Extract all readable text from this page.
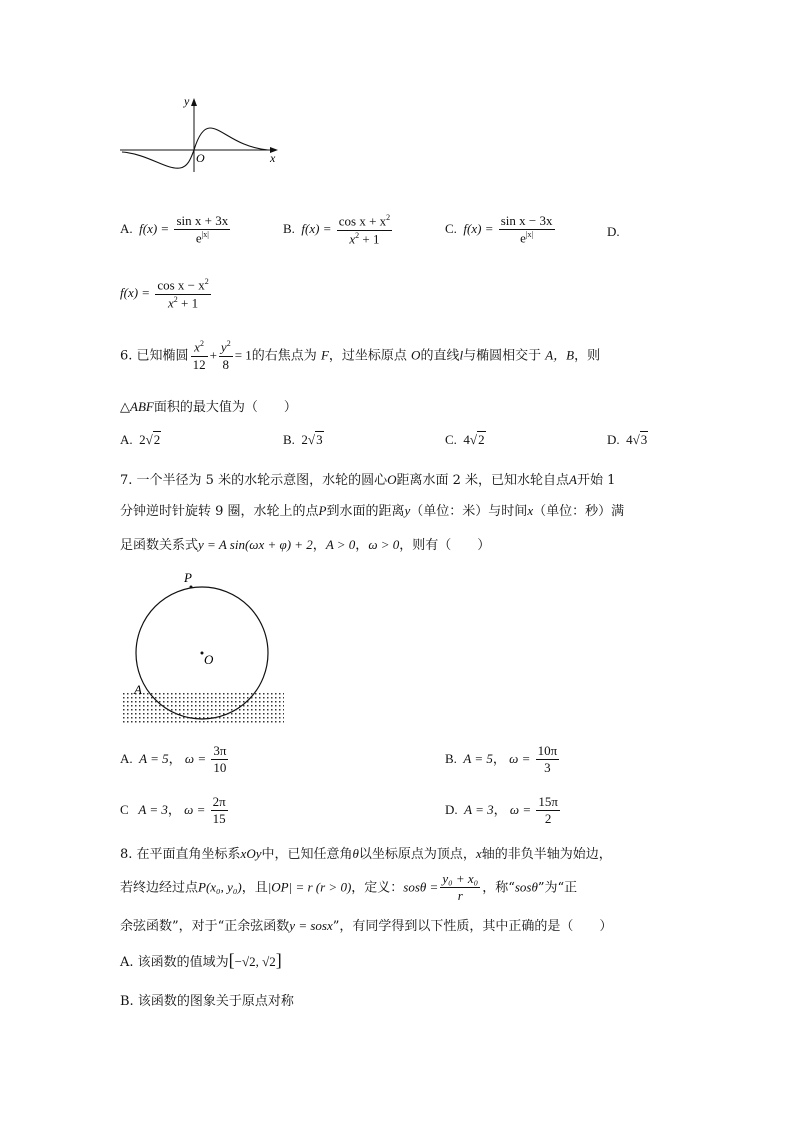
y
x
O
A. $f(x) = \frac{\text{sin x + 3x}}{e^{|x|}}$	B. $f(x) = \frac{\cos x + x^2}{x^2 + 1}$	C. $f(x) = \frac{\text{sin x − 3x}}{e^{|x|}}$	D.
$f(x) = \frac{\cos x - x^2}{x^2 + 1}$
6. 已知椭圆 $\frac{x^2}{12} + \frac{y^2}{8} = 1$的右焦点为 F，过坐标原点 O的直线l与椭圆相交于 A，B，则
△ABF面积的最大值为（　　）
A. 2√2	B. 2√3	C. 4√2	D. 4√3
7. 一个半径为 5 米的水轮示意图，水轮的圆心O距离水面 2 米，已知水轮自点A开始 1
分钟逆时针旋转 9 圈，水轮上的点P到水面的距离y（单位：米）与时间x（单位：秒）满
足函数关系式y = A sin(ωx + φ) + 2，A > 0，ω > 0，则有（　　）
P
O
A
A. A = 5， $\omega = \frac{3\pi}{10}$	B. A = 5， $\omega = \frac{10\pi}{3}$
C A = 3， $\omega = \frac{2\pi}{15}$	D. A = 3， $\omega = \frac{15\pi}{2}$
8. 在平面直角坐标系xOy中，已知任意角θ以坐标原点为顶点，x轴的非负半轴为始边，
若终边经过点P(x₀, y₀)，且|OP| = r (r > 0)，定义：$sos\theta = \frac{\text{y₀ + x₀}}{r}$ ，称“sosθ”为“正
余弦函数”，对于“正余弦函数y = sosx”，有同学得到以下性质，其中正确的是（　　）
A. 该函数的值域为[−√2, √2]
B. 该函数的图象关于原点对称
